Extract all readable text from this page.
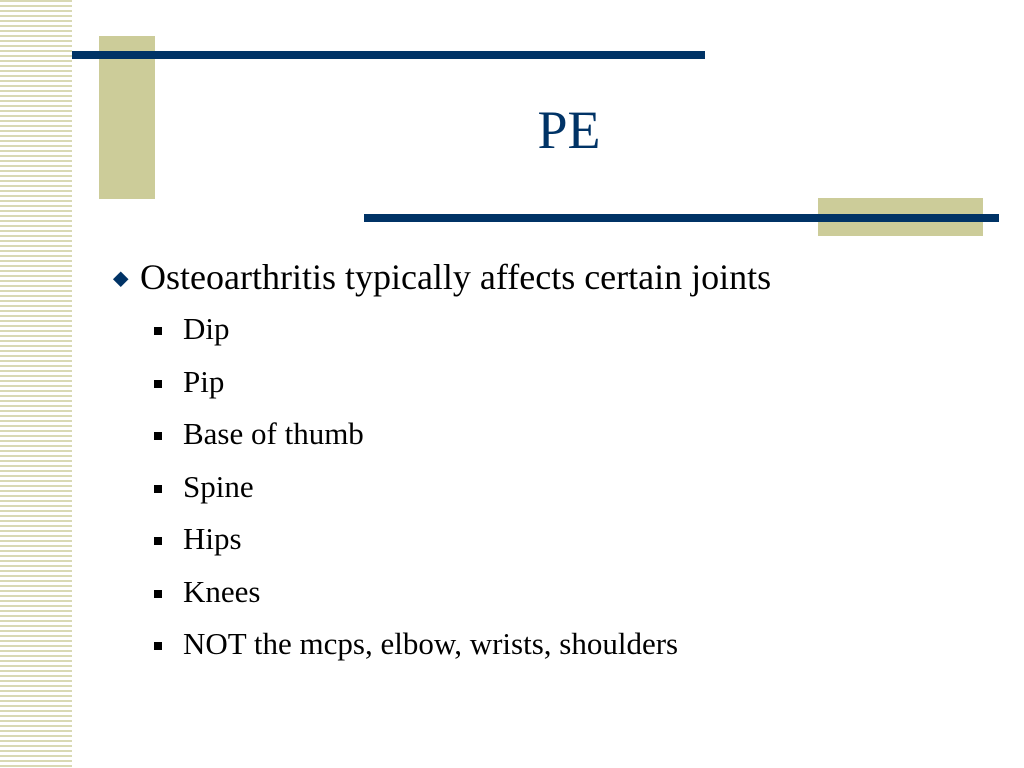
PE
Osteoarthritis typically affects certain joints
Dip
Pip
Base of thumb
Spine
Hips
Knees
NOT the mcps, elbow, wrists, shoulders
